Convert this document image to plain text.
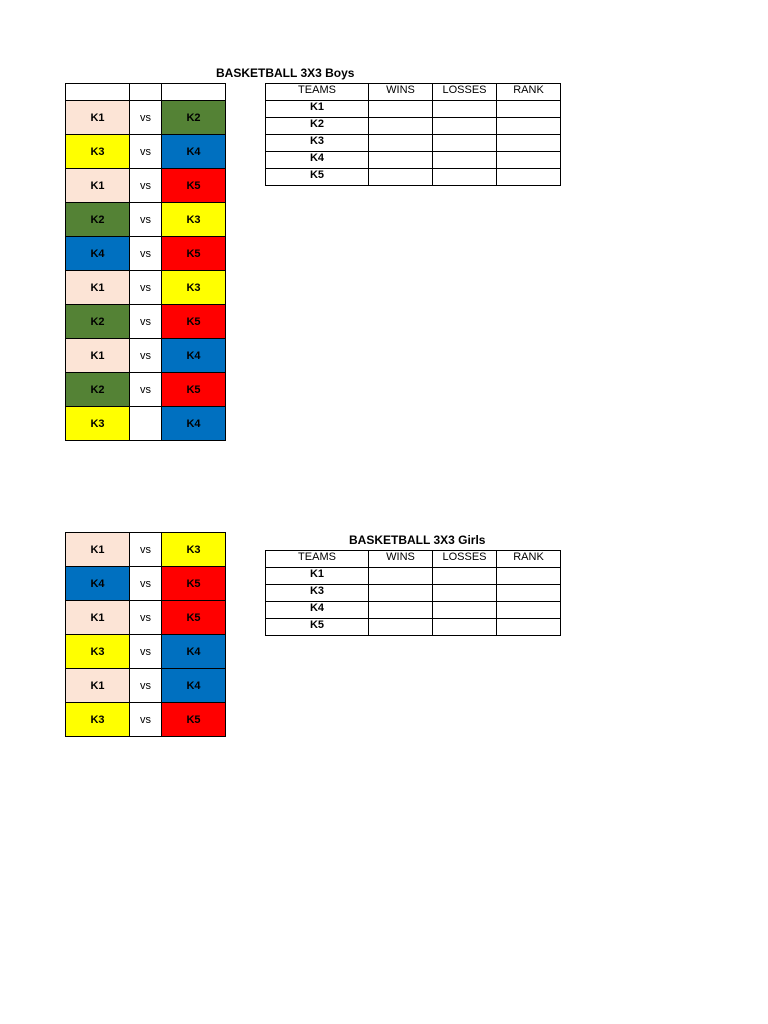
BASKETBALL 3X3 Boys

K1	vs	K2
K3	vs	K4
K1	vs	K5
K2	vs	K3
K4	vs	K5
K1	vs	K3
K2	vs	K5
K1	vs	K4
K2	vs	K5
K3		K4
TEAMS	WINS	LOSSES	RANK
K1			
K2			
K3			
K4			
K5			
K1	vs	K3
K4	vs	K5
K1	vs	K5
K3	vs	K4
K1	vs	K4
K3	vs	K5
BASKETBALL 3X3 Girls
TEAMS	WINS	LOSSES	RANK
K1			
K3			
K4			
K5			
